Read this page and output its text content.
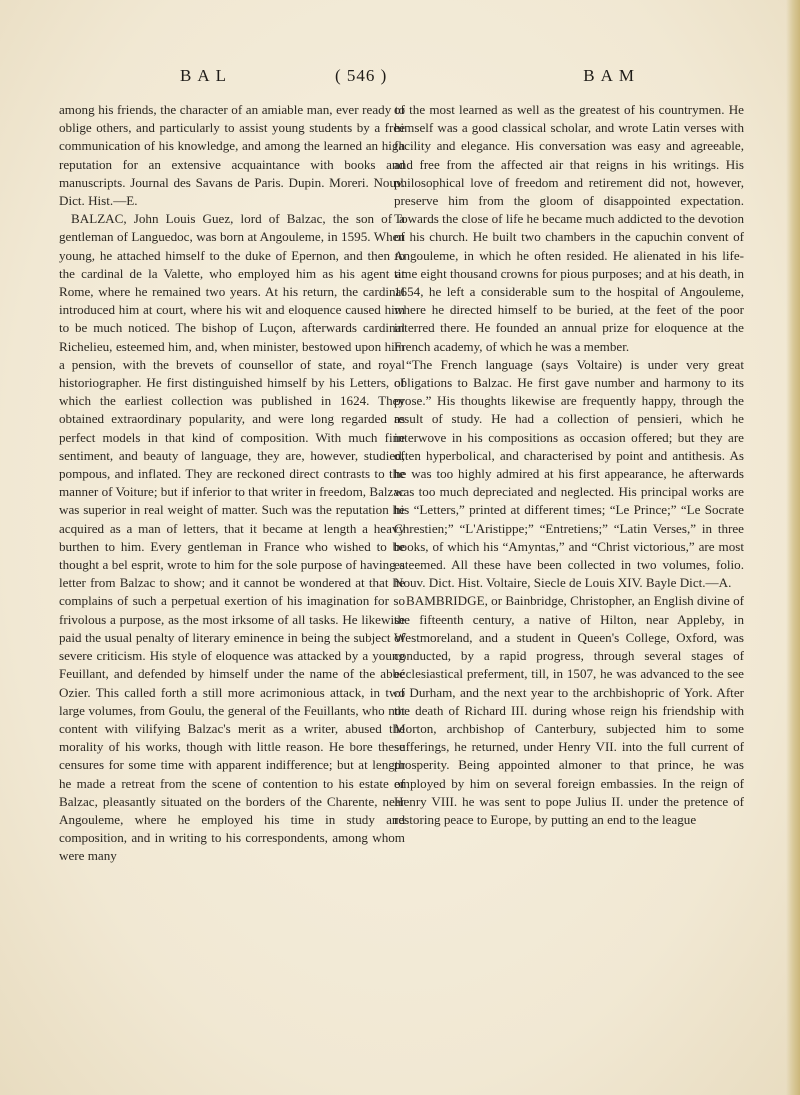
BAL	( 546 )	BAM

among his friends, the character of an amiable man, ever ready to oblige others, and particularly to assist young students by a free communication of his knowledge, and among the learned an high reputation for an extensive acquaintance with books and manuscripts. Journal des Savans de Paris. Dupin. Moreri. Nouv. Dict. Hist.—E.

BALZAC, John Louis Guez, lord of Balzac, the son of a gentleman of Languedoc, was born at Angouleme, in 1595. When young, he attached himself to the duke of Epernon, and then to the cardinal de la Valette, who employed him as his agent at Rome, where he remained two years. At his return, the cardinal introduced him at court, where his wit and eloquence caused him to be much noticed. The bishop of Luçon, afterwards cardinal Richelieu, esteemed him, and, when minister, bestowed upon him a pension, with the brevets of counsellor of state, and royal historiographer. He first distinguished himself by his Letters, of which the earliest collection was published in 1624. They obtained extraordinary popularity, and were long regarded as perfect models in that kind of composition. With much fine sentiment, and beauty of language, they are, however, studied, pompous, and inflated. They are reckoned direct contrasts to the manner of Voiture; but if inferior to that writer in freedom, Balzac was superior in real weight of matter. Such was the reputation he acquired as a man of letters, that it became at length a heavy burthen to him. Every gentleman in France who wished to be thought a bel esprit, wrote to him for the sole purpose of having a letter from Balzac to show; and it cannot be wondered at that he complains of such a perpetual exertion of his imagination for so frivolous a purpose, as the most irksome of all tasks. He likewise paid the usual penalty of literary eminence in being the subject of severe criticism. His style of eloquence was attacked by a young Feuillant, and defended by himself under the name of the abbé Ozier. This called forth a still more acrimonious attack, in two large volumes, from Goulu, the general of the Feuillants, who not content with vilifying Balzac's merit as a writer, abused the morality of his works, though with little reason. He bore these censures for some time with apparent indifference; but at length he made a retreat from the scene of contention to his estate of Balzac, pleasantly situated on the borders of the Charente, near Angouleme, where he employed his time in study and composition, and in writing to his correspondents, among whom were many

of the most learned as well as the greatest of his countrymen. He himself was a good classical scholar, and wrote Latin verses with facility and elegance. His conversation was easy and agreeable, and free from the affected air that reigns in his writings. His philosophical love of freedom and retirement did not, however, preserve him from the gloom of disappointed expectation. Towards the close of life he became much addicted to the devotion of his church. He built two chambers in the capuchin convent of Angouleme, in which he often resided. He alienated in his life-time eight thousand crowns for pious purposes; and at his death, in 1654, he left a considerable sum to the hospital of Angouleme, where he directed himself to be buried, at the feet of the poor interred there. He founded an annual prize for eloquence at the French academy, of which he was a member.

“The French language (says Voltaire) is under very great obligations to Balzac. He first gave number and harmony to its prose.” His thoughts likewise are frequently happy, through the result of study. He had a collection of pensieri, which he interwove in his compositions as occasion offered; but they are often hyperbolical, and characterised by point and antithesis. As he was too highly admired at his first appearance, he afterwards was too much depreciated and neglected. His principal works are his “Letters,” printed at different times; “Le Prince;” “Le Socrate Chrestien;” “L'Aristippe;” “Entretiens;” “Latin Verses,” in three books, of which his “Amyntas,” and “Christ victorious,” are most esteemed. All these have been collected in two volumes, folio. Nouv. Dict. Hist. Voltaire, Siecle de Louis XIV. Bayle Dict.—A.

BAMBRIDGE, or Bainbridge, Christopher, an English divine of the fifteenth century, a native of Hilton, near Appleby, in Westmoreland, and a student in Queen's College, Oxford, was conducted, by a rapid progress, through several stages of ecclesiastical preferment, till, in 1507, he was advanced to the see of Durham, and the next year to the archbishopric of York. After the death of Richard III. during whose reign his friendship with Morton, archbishop of Canterbury, subjected him to some sufferings, he returned, under Henry VII. into the full current of prosperity. Being appointed almoner to that prince, he was employed by him on several foreign embassies. In the reign of Henry VIII. he was sent to pope Julius II. under the pretence of restoring peace to Europe, by putting an end to the league
